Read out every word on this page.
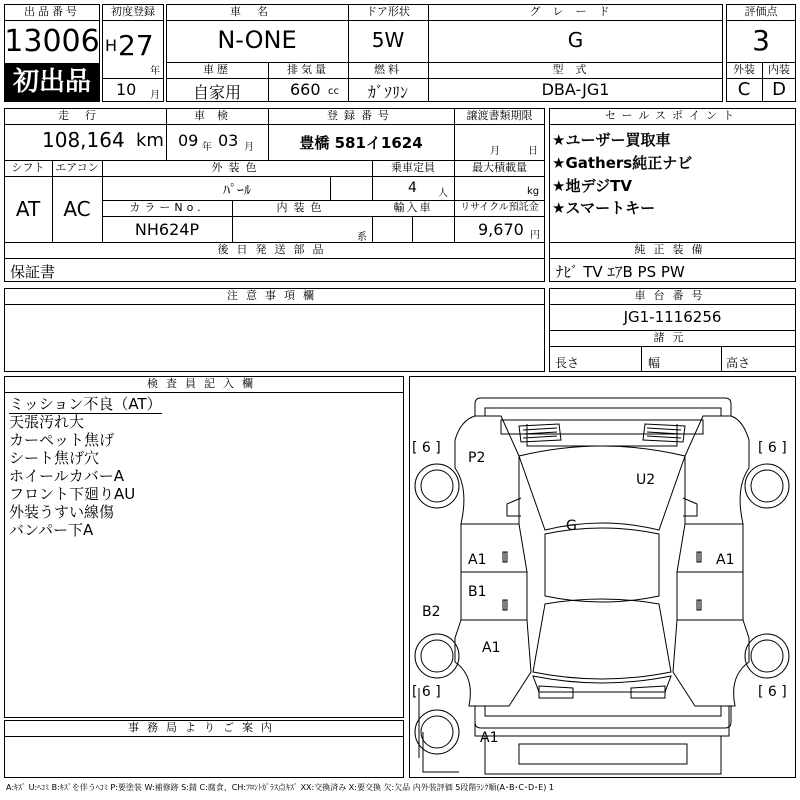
出品番号
13006
初出品
初度登録
H 27
年
10 月
車名
N-ONE
ドア形状
5W
グレード
G
車歴
自家用
排気量
660 cc
燃料
ｶﾞｿﾘﾝ
型式
DBA-JG1
評価点
3
外装	内装
C	D
走行
108,164 km
車検
09 年 03 月
登録番号
豊橋 581イ1624
譲渡書類期限
月	日
シフト
AT
エアコン
AC
外装色
ﾊﾟｰﾙ
乗車定員
4 人
最大積載量
kg
カラーNo.
NH624P
内装色
系
輸入車	リサイクル預託金
9,670 円
後日発送部品
保証書
セールスポイント
★ユーザー買取車
★Gathers純正ナビ
★地デジTV
★スマートキー
純正装備
ﾅﾋﾞ TV ｴｱB PS PW
注意事項欄	車台番号
JG1-1116256
諸元
長さ	幅	高さ
検査員記入欄
ミッション不良（AT）
天張汚れ大
カーペット焦げ
シート焦げ穴
ホイールカバーA
フロント下廻りAU
外装うすい線傷
バンパー下A
事務局よりご案内
[ 6 ]	[ 6 ]
[ 6 ]	[ 6 ]
P2
U2
G
A1	A1
B1
B2
A1
A1
A:ｷｽﾞ U:ﾍｺﾐ B:ｷｽﾞを伴うﾍｺﾐ P:要塗装 W:補修跡 S:錆 C:腐食、CH:ﾌﾛﾝﾄｶﾞﾗｽ点ｷｽﾞ XX:交換済み X:要交換 欠:欠品 内外装評価 5段階ﾗﾝｸ順(A･B･C･D･E) 1
